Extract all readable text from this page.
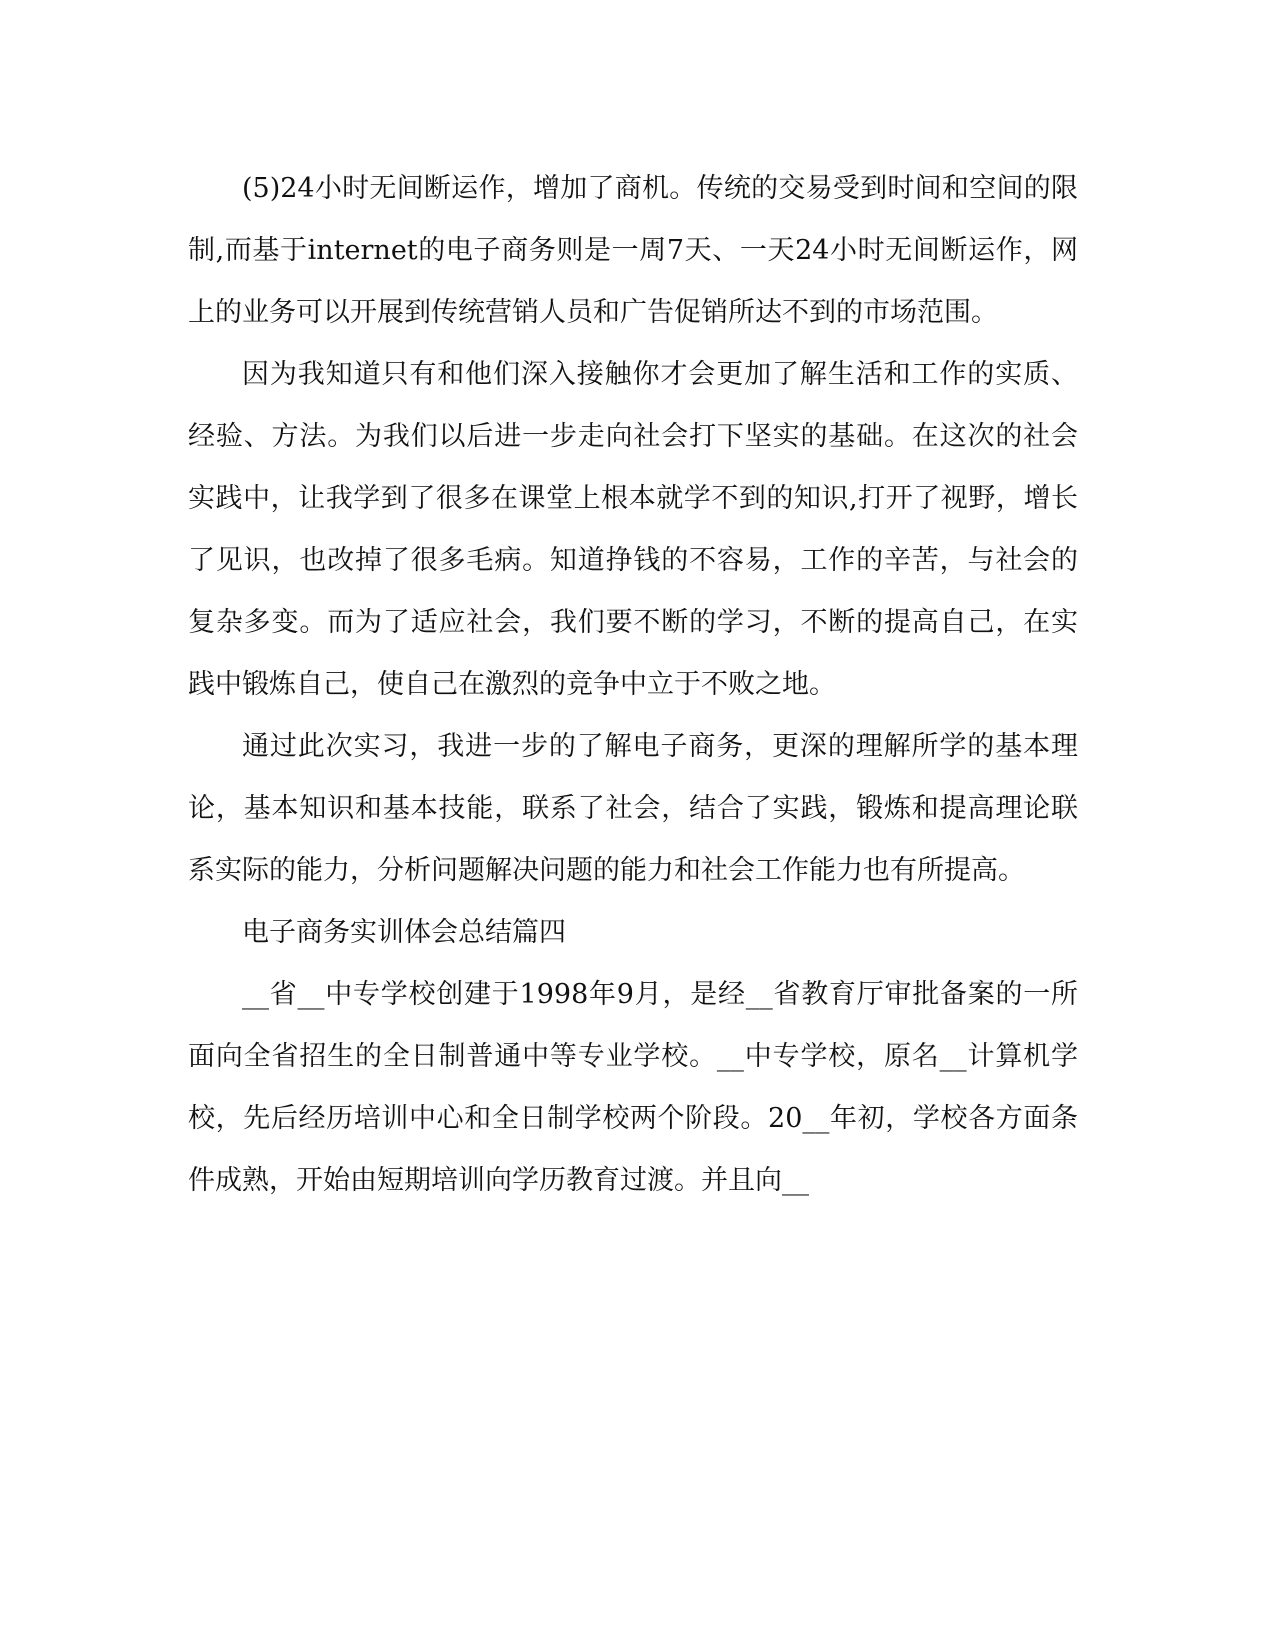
(5)24小时无间断运作，增加了商机。传统的交易受到时间和空间的限制,而基于internet的电子商务则是一周7天、一天24小时无间断运作，网上的业务可以开展到传统营销人员和广告促销所达不到的市场范围。

因为我知道只有和他们深入接触你才会更加了解生活和工作的实质、经验、方法。为我们以后进一步走向社会打下坚实的基础。在这次的社会实践中，让我学到了很多在课堂上根本就学不到的知识,打开了视野，增长了见识，也改掉了很多毛病。知道挣钱的不容易，工作的辛苦，与社会的复杂多变。而为了适应社会，我们要不断的学习，不断的提高自己，在实践中锻炼自己，使自己在激烈的竞争中立于不败之地。

通过此次实习，我进一步的了解电子商务，更深的理解所学的基本理论，基本知识和基本技能，联系了社会，结合了实践，锻炼和提高理论联系实际的能力，分析问题解决问题的能力和社会工作能力也有所提高。

电子商务实训体会总结篇四

__省__中专学校创建于1998年9月，是经__省教育厅审批备案的一所面向全省招生的全日制普通中等专业学校。__中专学校，原名__计算机学校，先后经历培训中心和全日制学校两个阶段。20__年初，学校各方面条件成熟，开始由短期培训向学历教育过渡。并且向__
